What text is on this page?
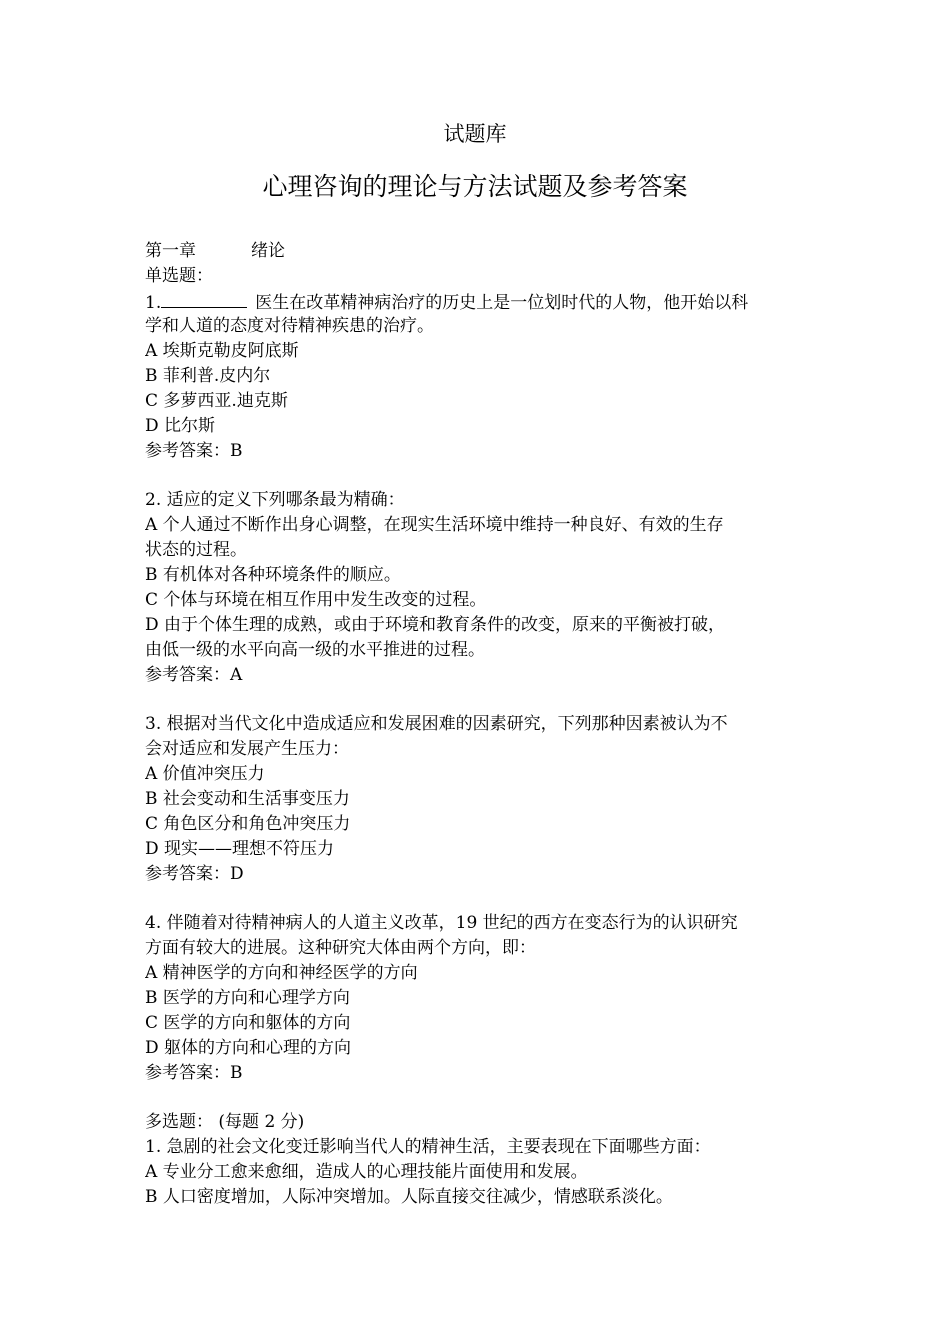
试题库
心理咨询的理论与方法试题及参考答案
第一章	绪论
单选题：
1.	医生在改革精神病治疗的历史上是一位划时代的人物，他开始以科
学和人道的态度对待精神疾患的治疗。
A 埃斯克勒皮阿底斯
B 菲利普.皮内尔
C 多萝西亚.迪克斯
D 比尔斯
参考答案：B
2. 适应的定义下列哪条最为精确：
A 个人通过不断作出身心调整，在现实生活环境中维持一种良好、有效的生存
状态的过程。
B 有机体对各种环境条件的顺应。
C 个体与环境在相互作用中发生改变的过程。
D 由于个体生理的成熟，或由于环境和教育条件的改变，原来的平衡被打破，
由低一级的水平向高一级的水平推进的过程。
参考答案：A
3. 根据对当代文化中造成适应和发展困难的因素研究，下列那种因素被认为不
会对适应和发展产生压力：
A 价值冲突压力
B 社会变动和生活事变压力
C 角色区分和角色冲突压力
D 现实——理想不符压力
参考答案：D
4. 伴随着对待精神病人的人道主义改革，19 世纪的西方在变态行为的认识研究
方面有较大的进展。这种研究大体由两个方向，即：
A 精神医学的方向和神经医学的方向
B 医学的方向和心理学方向
C 医学的方向和躯体的方向
D 躯体的方向和心理的方向
参考答案：B
多选题： (每题 2 分)
1. 急剧的社会文化变迁影响当代人的精神生活，主要表现在下面哪些方面：
A 专业分工愈来愈细，造成人的心理技能片面使用和发展。
B 人口密度增加，人际冲突增加。人际直接交往减少，情感联系淡化。
